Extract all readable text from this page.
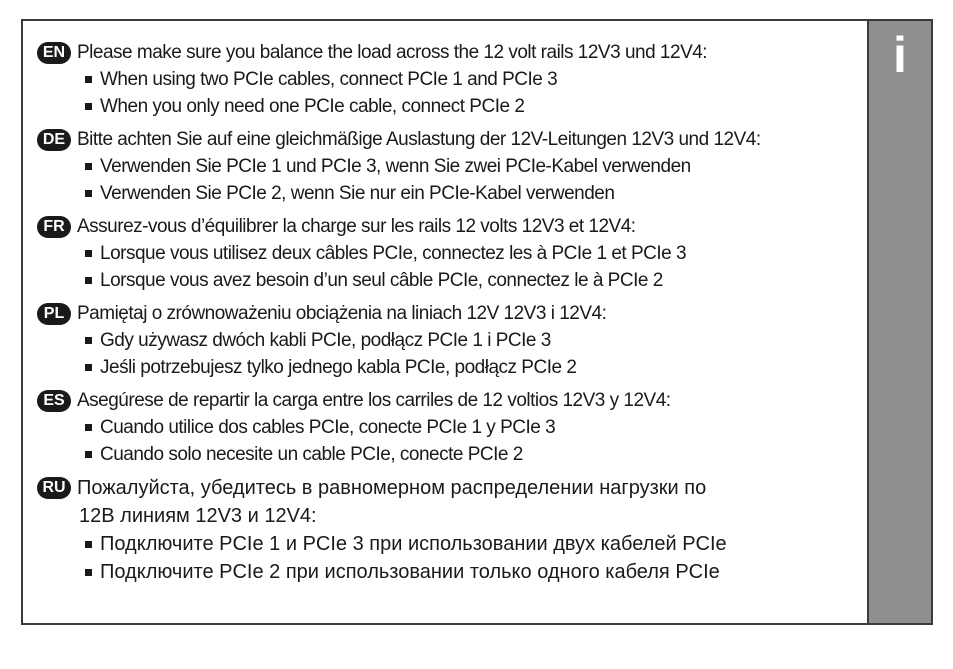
EN Please make sure you balance the load across the 12 volt rails 12V3 und 12V4:
When using two PCIe cables, connect PCIe 1 and PCIe 3
When you only need one PCIe cable, connect PCIe 2
DE Bitte achten Sie auf eine gleichmäßige Auslastung der 12V-Leitungen 12V3 und 12V4:
Verwenden Sie PCIe 1 und PCIe 3, wenn Sie zwei PCIe-Kabel verwenden
Verwenden Sie PCIe 2, wenn Sie nur ein PCIe-Kabel verwenden
FR Assurez-vous d’équilibrer la charge sur les rails 12 volts 12V3 et 12V4:
Lorsque vous utilisez deux câbles PCIe, connectez les à PCIe 1 et PCIe 3
Lorsque vous avez besoin d’un seul câble PCIe, connectez le à PCIe 2
PL Pamiętaj o zrównoważeniu obciążenia na liniach 12V 12V3 i 12V4:
Gdy używasz dwóch kabli PCIe, podłącz PCIe 1 i PCIe 3
Jeśli potrzebujesz tylko jednego kabla PCIe, podłącz PCIe 2
ES Asegúrese de repartir la carga entre los carriles de 12 voltios 12V3 y 12V4:
Cuando utilice dos cables PCIe, conecte PCIe 1 y PCIe 3
Cuando solo necesite un cable PCIe, conecte PCIe 2
RU Пожалуйста, убедитесь в равномерном распределении нагрузки по
12В линиям 12V3 и 12V4:
Подключите PCIe 1 и PCIe 3 при использовании двух кабелей PCIe
Подключите PCIe 2 при использовании только одного кабеля PCIe
i
